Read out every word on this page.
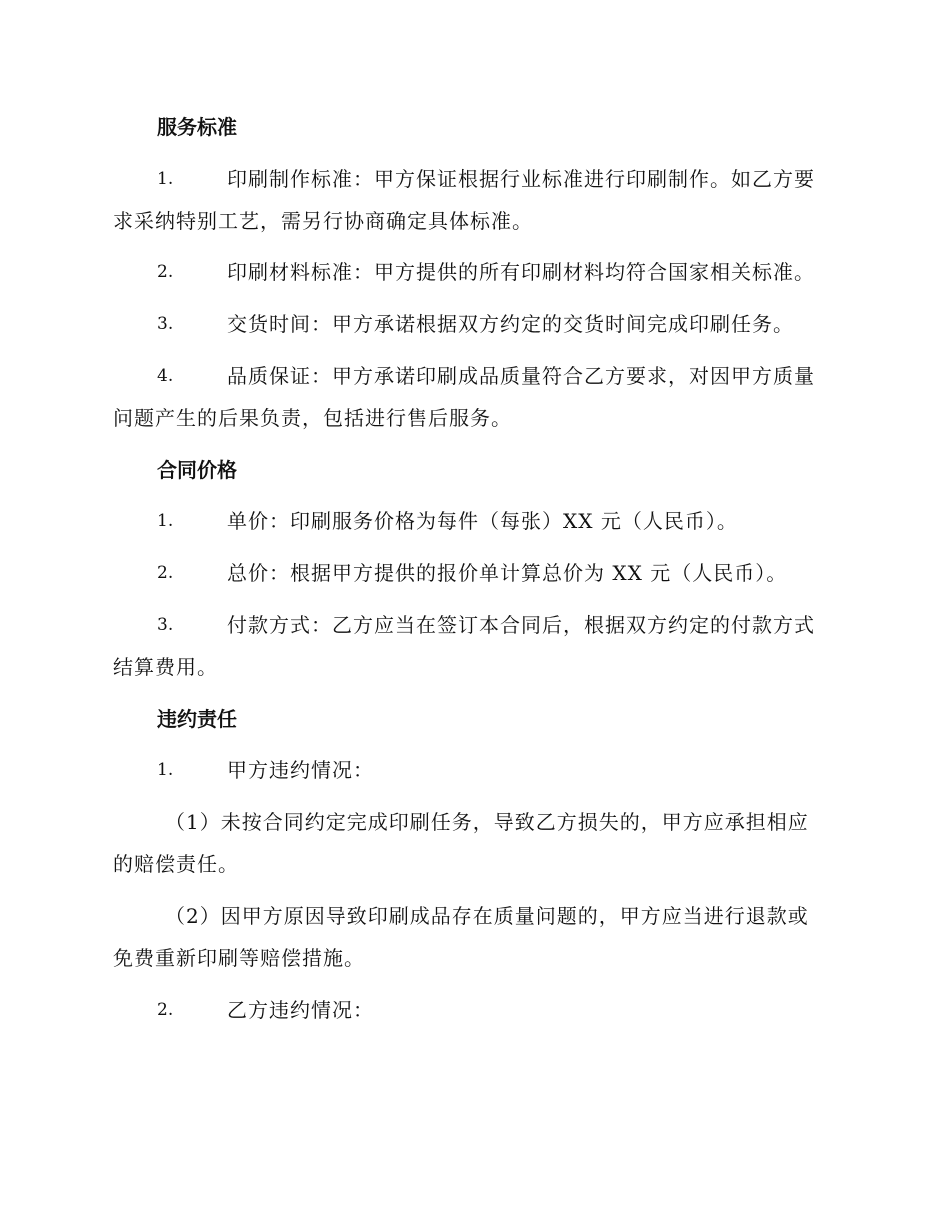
服务标准
1.	印刷制作标准：甲方保证根据行业标准进行印刷制作。如乙方要
求采纳特别工艺，需另行协商确定具体标准。
2.	印刷材料标准：甲方提供的所有印刷材料均符合国家相关标准。
3.	交货时间：甲方承诺根据双方约定的交货时间完成印刷任务。
4.	品质保证：甲方承诺印刷成品质量符合乙方要求，对因甲方质量
问题产生的后果负责，包括进行售后服务。
合同价格
1.	单价：印刷服务价格为每件（每张）XX 元（人民币）。
2.	总价：根据甲方提供的报价单计算总价为 XX 元（人民币）。
3.	付款方式：乙方应当在签订本合同后，根据双方约定的付款方式
结算费用。
违约责任
1.	甲方违约情况：
（1）未按合同约定完成印刷任务，导致乙方损失的，甲方应承担相应
的赔偿责任。
（2）因甲方原因导致印刷成品存在质量问题的，甲方应当进行退款或
免费重新印刷等赔偿措施。
2.	乙方违约情况：
